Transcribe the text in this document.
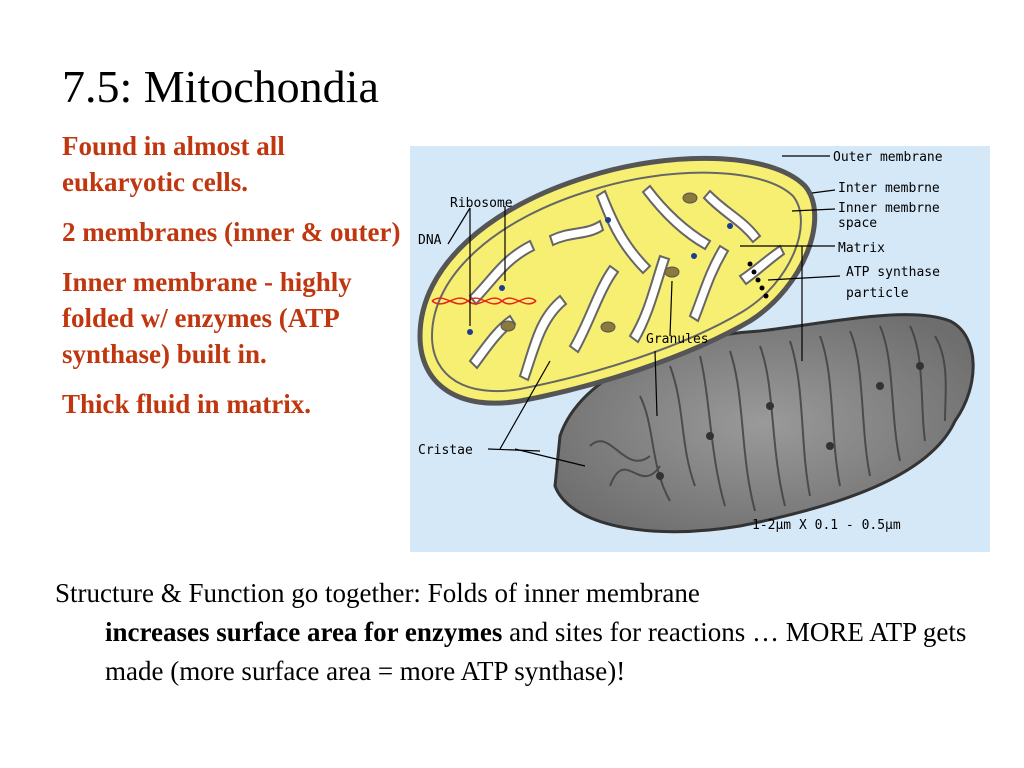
7.5: Mitochondia

Found in almost all eukaryotic cells.

2 membranes (inner & outer)

Inner membrane - highly folded w/ enzymes (ATP synthase) built in.

Thick fluid in matrix.

Outer membrane
Inter membrne
Inner membrne
space
Matrix
ATP synthase
particle
Ribosome
DNA
Granules
Cristae
1-2µm X 0.1 - 0.5µm
Structure & Function go together: Folds of inner membrane
increases surface area for enzymes and sites for reactions … MORE ATP gets made (more surface area = more ATP synthase)!
